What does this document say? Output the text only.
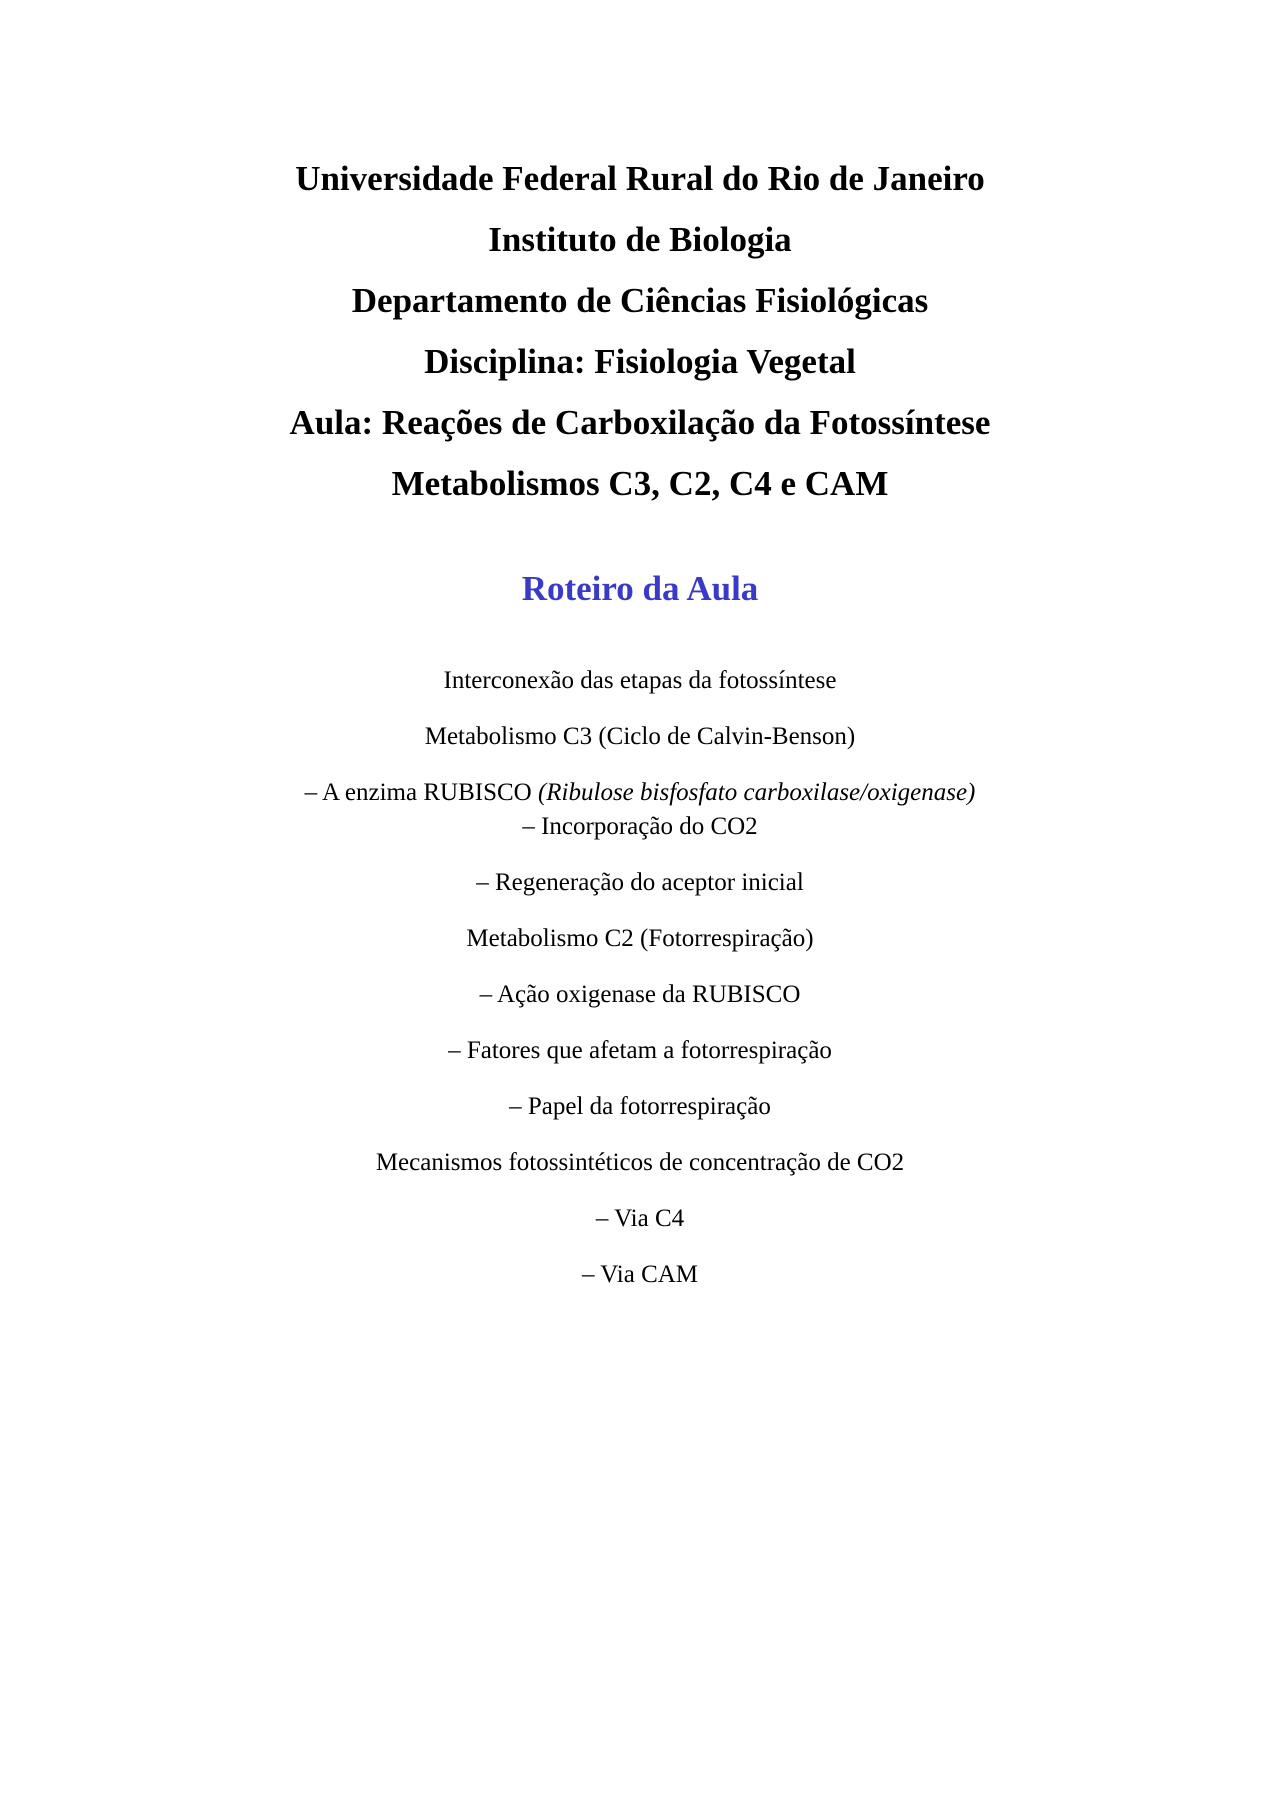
Universidade Federal Rural do Rio de Janeiro
Instituto de Biologia
Departamento de Ciências Fisiológicas
Disciplina: Fisiologia Vegetal
Aula: Reações de Carboxilação da Fotossíntese
Metabolismos C3, C2, C4 e CAM
Roteiro da Aula
Interconexão das etapas da fotossíntese
Metabolismo C3 (Ciclo de Calvin-Benson)
– A enzima RUBISCO (Ribulose bisfosfato carboxilase/oxigenase)
– Incorporação do CO2
– Regeneração do aceptor inicial
Metabolismo C2 (Fotorrespiração)
– Ação oxigenase da RUBISCO
– Fatores que afetam a fotorrespiração
– Papel da fotorrespiração
Mecanismos fotossintéticos de concentração de CO2
– Via C4
– Via CAM
